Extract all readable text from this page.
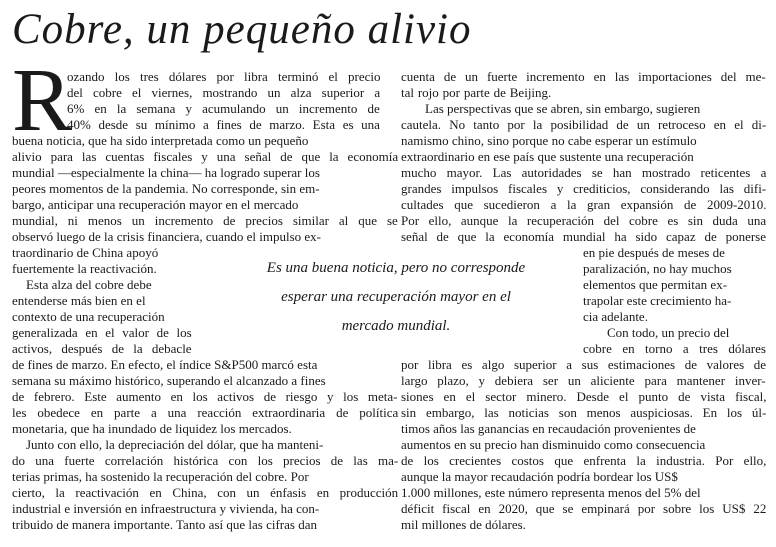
Cobre, un pequeño alivio
R
ozando los tres dólares por libra terminó el precio
del cobre el viernes, mostrando un alza superior a
6% en la semana y acumulando un incremento de
40% desde su mínimo a fines de marzo. Esta es una
buena noticia, que ha sido interpretada como un pequeño
alivio para las cuentas fiscales y una señal de que la economía
mundial —especialmente la china— ha logrado superar los
peores momentos de la pandemia. No corresponde, sin em-
bargo, anticipar una recuperación mayor en el mercado
mundial, ni menos un incremento de precios similar al que se
observó luego de la crisis financiera, cuando el impulso ex-
traordinario de China apoyó
fuertemente la reactivación.
Esta alza del cobre debe
entenderse más bien en el
contexto de una recuperación
generalizada en el valor de los
activos, después de la debacle
de fines de marzo. En efecto, el índice S&P500 marcó esta
semana su máximo histórico, superando el alcanzado a fines
de febrero. Este aumento en los activos de riesgo y los meta-
les obedece en parte a una reacción extraordinaria de política
monetaria, que ha inundado de liquidez los mercados.
Junto con ello, la depreciación del dólar, que ha manteni-
do una fuerte correlación histórica con los precios de las ma-
terias primas, ha sostenido la recuperación del cobre. Por
cierto, la reactivación en China, con un énfasis en producción
industrial e inversión en infraestructura y vivienda, ha con-
tribuido de manera importante. Tanto así que las cifras dan
cuenta de un fuerte incremento en las importaciones del me-
tal rojo por parte de Beijing.
Las perspectivas que se abren, sin embargo, sugieren
cautela. No tanto por la posibilidad de un retroceso en el di-
namismo chino, sino porque no cabe esperar un estímulo
extraordinario en ese país que sustente una recuperación
mucho mayor. Las autoridades se han mostrado reticentes a
grandes impulsos fiscales y crediticios, considerando las difi-
cultades que sucedieron a la gran expansión de 2009-2010.
Por ello, aunque la recuperación del cobre es sin duda una
señal de que la economía mundial ha sido capaz de ponerse
en pie después de meses de
paralización, no hay muchos
elementos que permitan ex-
trapolar este crecimiento ha-
cia adelante.
Con todo, un precio del
cobre en torno a tres dólares
por libra es algo superior a sus estimaciones de valores de
largo plazo, y debiera ser un aliciente para mantener inver-
siones en el sector minero. Desde el punto de vista fiscal,
sin embargo, las noticias son menos auspiciosas. En los úl-
timos años las ganancias en recaudación provenientes de
aumentos en su precio han disminuido como consecuencia
de los crecientes costos que enfrenta la industria. Por ello,
aunque la mayor recaudación podría bordear los US$
1.000 millones, este número representa menos del 5% del
déficit fiscal en 2020, que se empinará por sobre los US$ 22
mil millones de dólares.
Es una buena noticia, pero no corresponde
esperar una recuperación mayor en el
mercado mundial.
